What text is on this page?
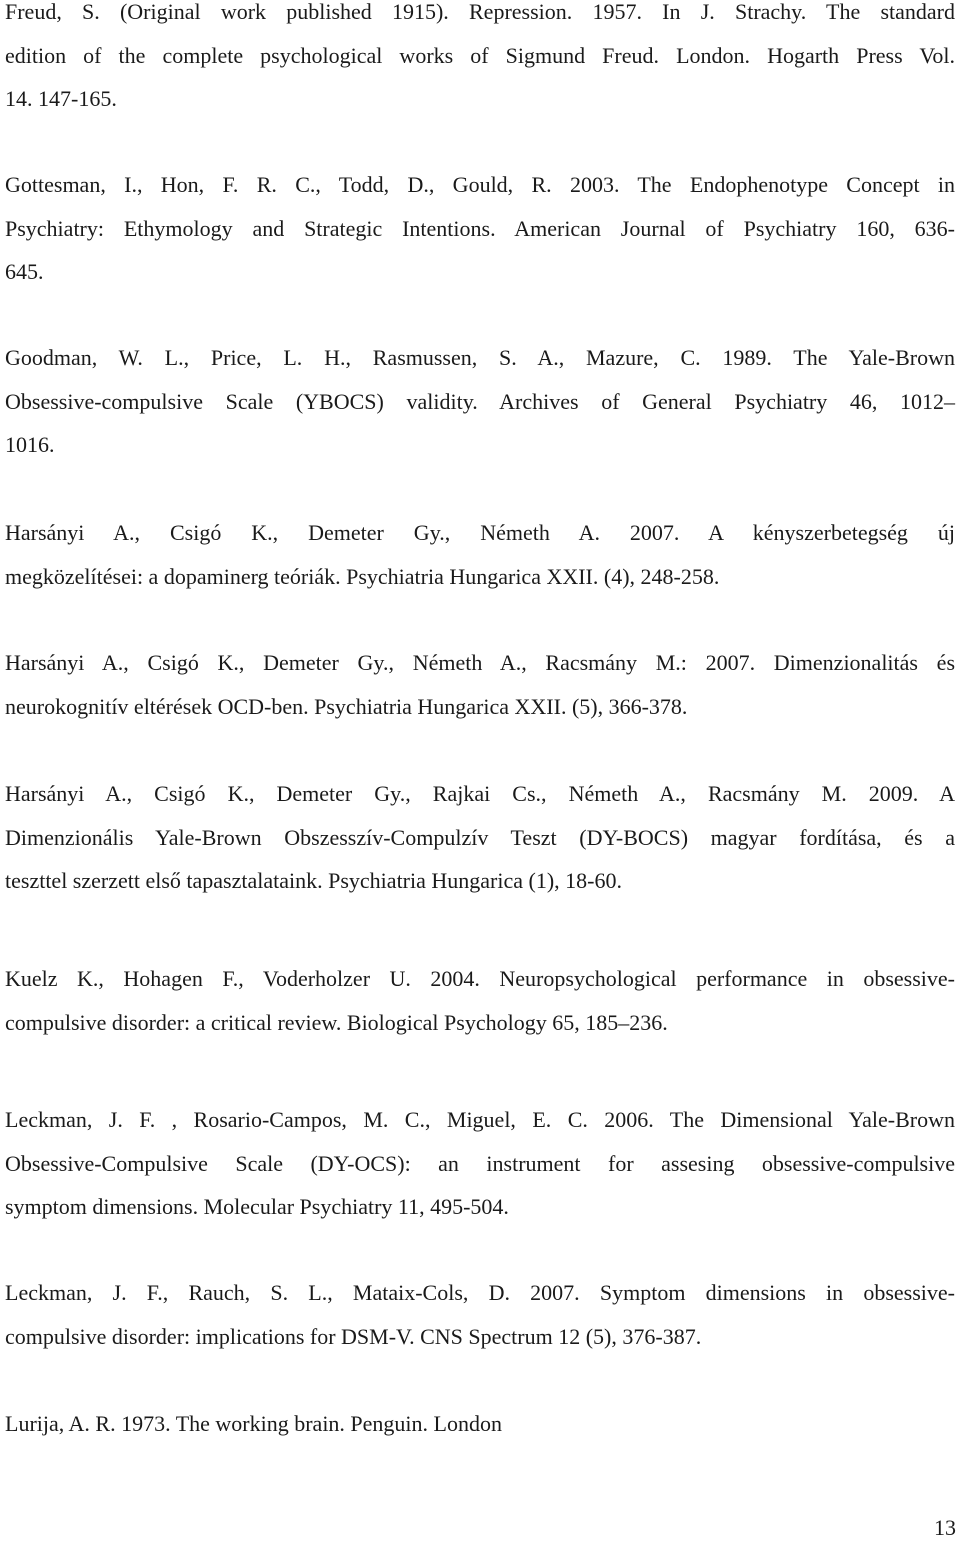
Freud, S. (Original work published 1915). Repression. 1957. In J. Strachy. The standard
edition of the complete psychological works of Sigmund Freud. London. Hogarth Press Vol.
14. 147-165.
Gottesman, I., Hon, F. R. C., Todd, D., Gould, R. 2003. The Endophenotype Concept in
Psychiatry: Ethymology and Strategic Intentions. American Journal of Psychiatry 160, 636-
645.
Goodman, W. L., Price, L. H., Rasmussen, S. A., Mazure, C. 1989. The Yale-Brown
Obsessive-compulsive Scale (YBOCS) validity. Archives of General Psychiatry 46, 1012–
1016.
Harsányi A., Csigó K., Demeter Gy., Németh A. 2007. A kényszerbetegség új
megközelítései: a dopaminerg teóriák. Psychiatria Hungarica XXII. (4), 248-258.
Harsányi A., Csigó K., Demeter Gy., Németh A., Racsmány M.: 2007. Dimenzionalitás és
neurokognitív eltérések OCD-ben. Psychiatria Hungarica XXII. (5), 366-378.
Harsányi A., Csigó K., Demeter Gy., Rajkai Cs., Németh A., Racsmány M. 2009. A
Dimenzionális Yale-Brown Obszesszív-Compulzív Teszt (DY-BOCS) magyar fordítása, és a
teszttel szerzett első tapasztalataink. Psychiatria Hungarica (1), 18-60.
Kuelz K., Hohagen F., Voderholzer U. 2004. Neuropsychological performance in obsessive-
compulsive disorder: a critical review. Biological Psychology 65, 185–236.
Leckman, J. F. , Rosario-Campos, M. C., Miguel, E. C. 2006. The Dimensional Yale-Brown
Obsessive-Compulsive Scale (DY-OCS): an instrument for assesing obsessive-compulsive
symptom dimensions. Molecular Psychiatry 11, 495-504.
Leckman, J. F., Rauch, S. L., Mataix-Cols, D. 2007. Symptom dimensions in obsessive-
compulsive disorder: implications for DSM-V. CNS Spectrum 12 (5), 376-387.
Lurija, A. R. 1973. The working brain. Penguin. London
13
